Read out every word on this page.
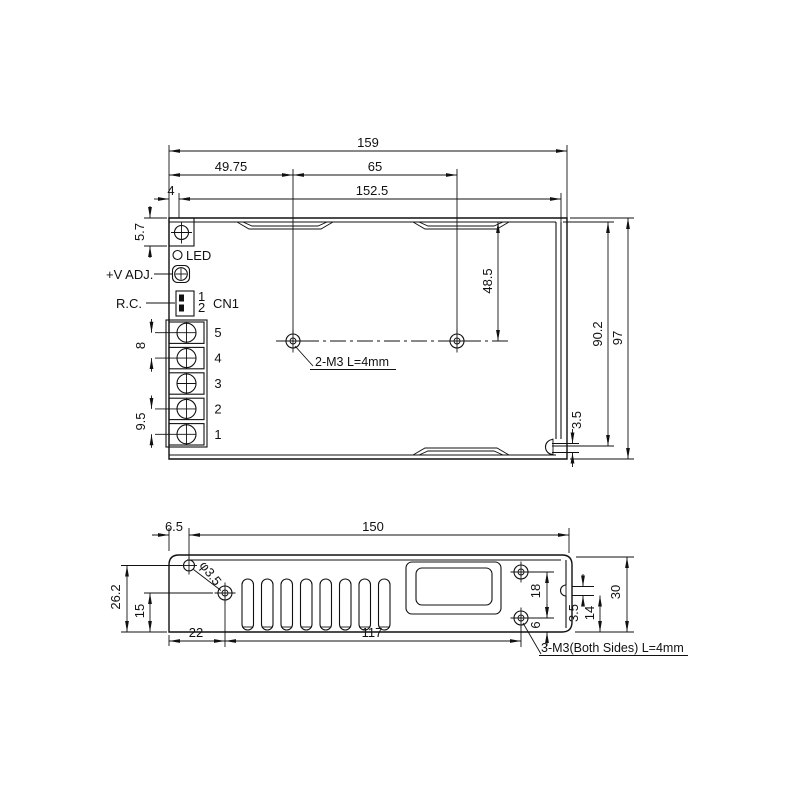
LED
+V ADJ.
R.C.	1
2 CN1
5
4
3
2
1
2-M3 L=4mm
159
49.75	65
152.5
4
5.7
8
9.5
48.5
90.2 97
3.5
φ3.5
3-M3(Both Sides) L=4mm
6.5	150
26.2
15
22	117
18
6
3.5 14
30
